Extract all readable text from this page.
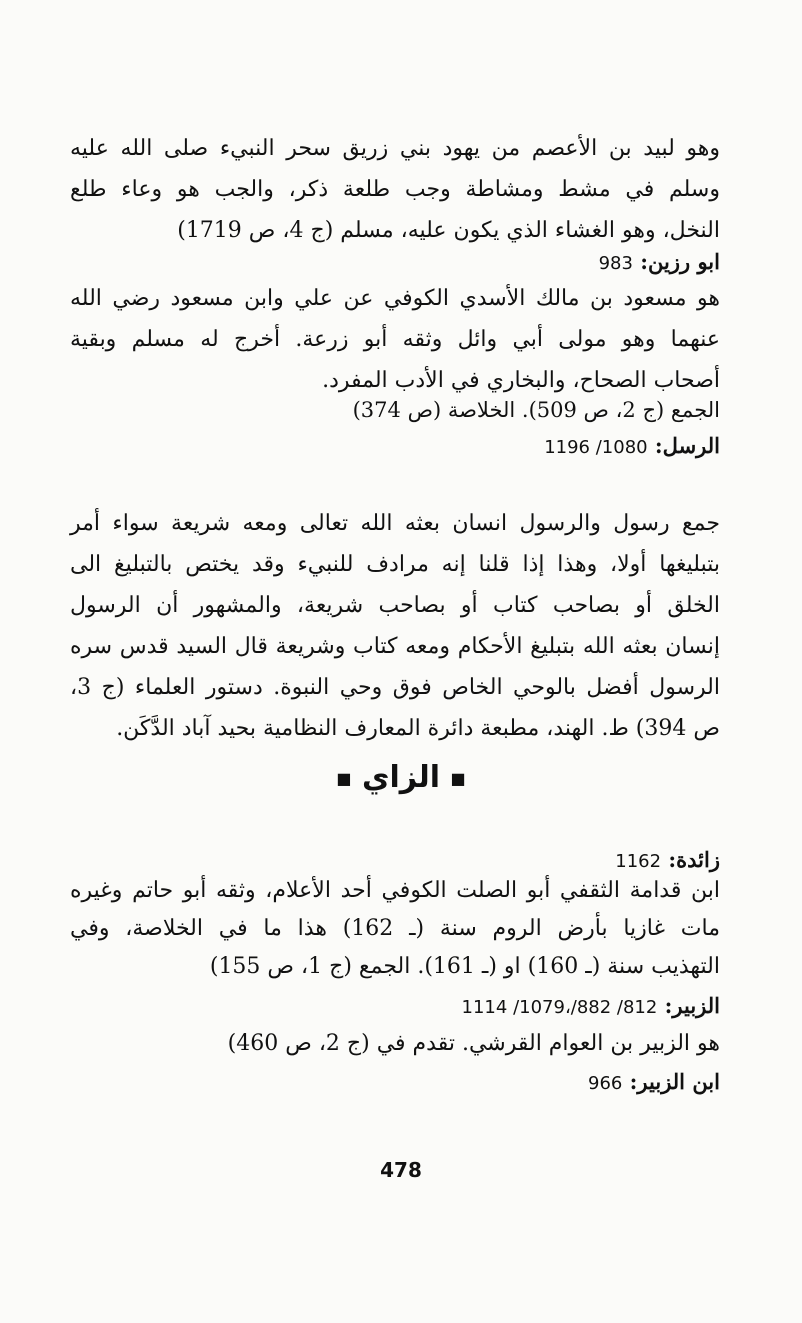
وهو لبيد بن الأعصم من يهود بني زريق سحر النبيء صلى الله عليه
وسلم في مشط ومشاطة وجب طلعة ذكر، والجب هو وعاء طلع
النخل، وهو الغشاء الذي يكون عليه، مسلم (ج 4، ص 1719)
ابو رزين: 983
هو مسعود بن مالك الأسدي الكوفي عن علي وابن مسعود رضي الله
عنهما وهو مولى أبي وائل وثقه أبو زرعة. أخرج له مسلم وبقية
أصحاب الصحاح، والبخاري في الأدب المفرد.
الجمع (ج 2، ص 509). الخلاصة (ص 374)
الرسل: 1080/ 1196
جمع رسول والرسول انسان بعثه الله تعالى ومعه شريعة سواء أمر
بتبليغها أولا، وهذا إذا قلنا إنه مرادف للنبيء وقد يختص بالتبليغ الى
الخلق أو بصاحب كتاب أو بصاحب شريعة، والمشهور أن الرسول
إنسان بعثه الله بتبليغ الأحكام ومعه كتاب وشريعة قال السيد قدس سره
الرسول أفضل بالوحي الخاص فوق وحي النبوة. دستور العلماء (ج 3،
ص 394) ط. الهند، مطبعة دائرة المعارف النظامية بحيد آباد الدَّكَن.
■ الزاي ■
زائدة: 1162
ابن قدامة الثقفي أبو الصلت الكوفي أحد الأعلام، وثقه أبو حاتم وغيره
مات غازيا بأرض الروم سنة (ـ 162) هذا ما في الخلاصة، وفي
التهذيب سنة (ـ 160) او (ـ 161). الجمع (ج 1، ص 155)
الزبير: 812/ 882/،1079/ 1114
هو الزبير بن العوام القرشي. تقدم في (ج 2، ص 460)
ابن الزبير: 966
478
